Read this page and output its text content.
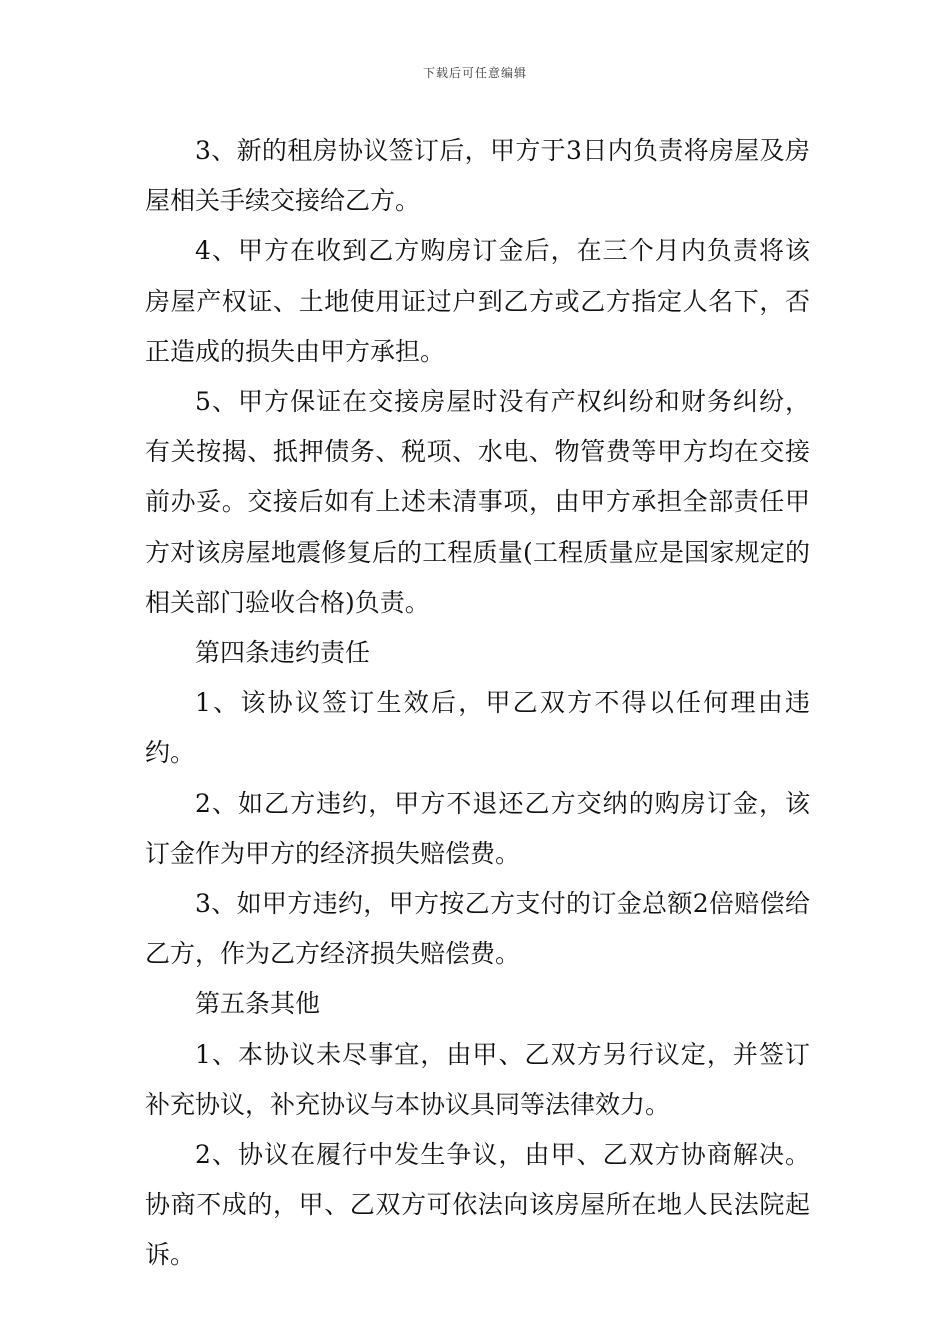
下载后可任意编辑

3、新的租房协议签订后，甲方于3日内负责将房屋及房屋相关手续交接给乙方。

4、甲方在收到乙方购房订金后，在三个月内负责将该房屋产权证、土地使用证过户到乙方或乙方指定人名下，否正造成的损失由甲方承担。

5、甲方保证在交接房屋时没有产权纠纷和财务纠纷，有关按揭、抵押债务、税项、水电、物管费等甲方均在交接前办妥。交接后如有上述未清事项，由甲方承担全部责任甲方对该房屋地震修复后的工程质量(工程质量应是国家规定的相关部门验收合格)负责。

第四条违约责任

1、该协议签订生效后，甲乙双方不得以任何理由违约。

2、如乙方违约，甲方不退还乙方交纳的购房订金，该订金作为甲方的经济损失赔偿费。

3、如甲方违约，甲方按乙方支付的订金总额2倍赔偿给乙方，作为乙方经济损失赔偿费。

第五条其他

1、本协议未尽事宜，由甲、乙双方另行议定，并签订补充协议，补充协议与本协议具同等法律效力。

2、协议在履行中发生争议，由甲、乙双方协商解决。协商不成的，甲、乙双方可依法向该房屋所在地人民法院起诉。
